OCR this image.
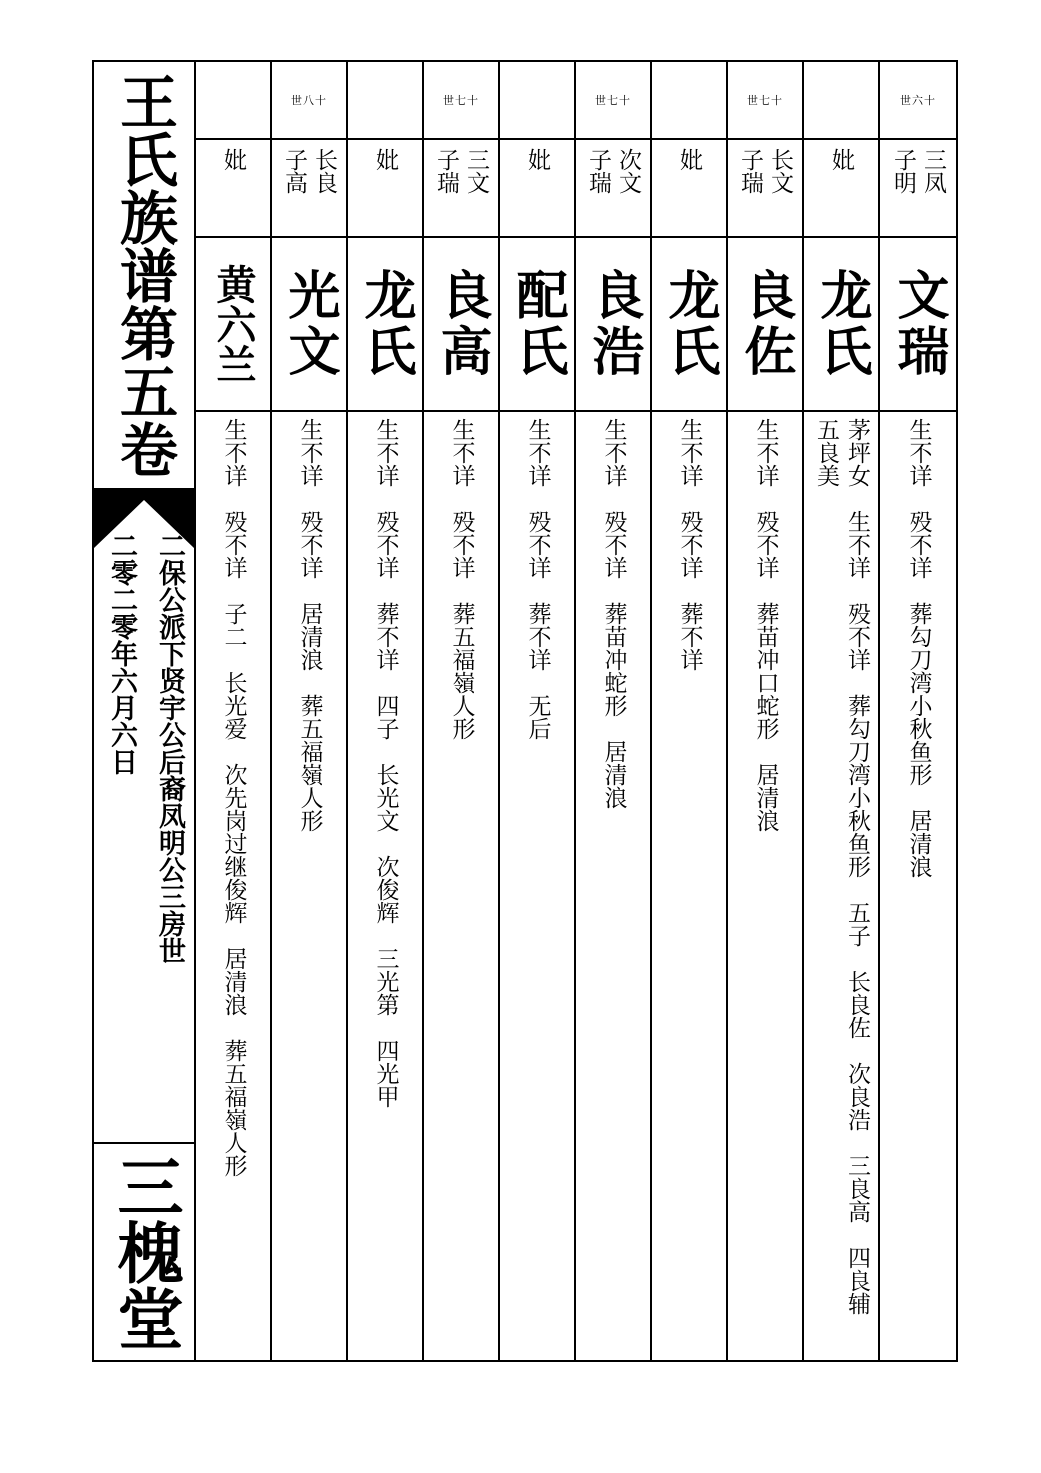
王氏族谱第五卷
二保公派下贤宇公后裔凤明公三房世
二零二零年六月六日
三槐堂
妣
黄六兰
生不详　殁不详　子二　长光爱　次先岗过继俊辉　居清浪　葬五福嶺人形
世八十
长良 子高
光文
生不详　殁不详　居清浪　葬五福嶺人形
妣
龙氏
生不详　殁不详　葬不详　四子　长光文　次俊辉　三光第　四光甲
世七十
三文 子瑞
良高
生不详　殁不详　葬五福嶺人形
妣
配氏
生不详　殁不详　葬不详　无后
世七十
次文 子瑞
良浩
生不详　殁不详　葬苗冲蛇形　居清浪
妣
龙氏
生不详　殁不详　葬不详
世七十
长文 子瑞
良佐
生不详　殁不详　葬苗冲口蛇形　居清浪
妣
龙氏
茅坪女　生不详　殁不详　葬勾刀湾小秋鱼形　五子　长良佐　次良浩　三良高　四良辅　五良美
世六十
三凤 子明
文瑞
生不详　殁不详　葬勾刀湾小秋鱼形　居清浪
